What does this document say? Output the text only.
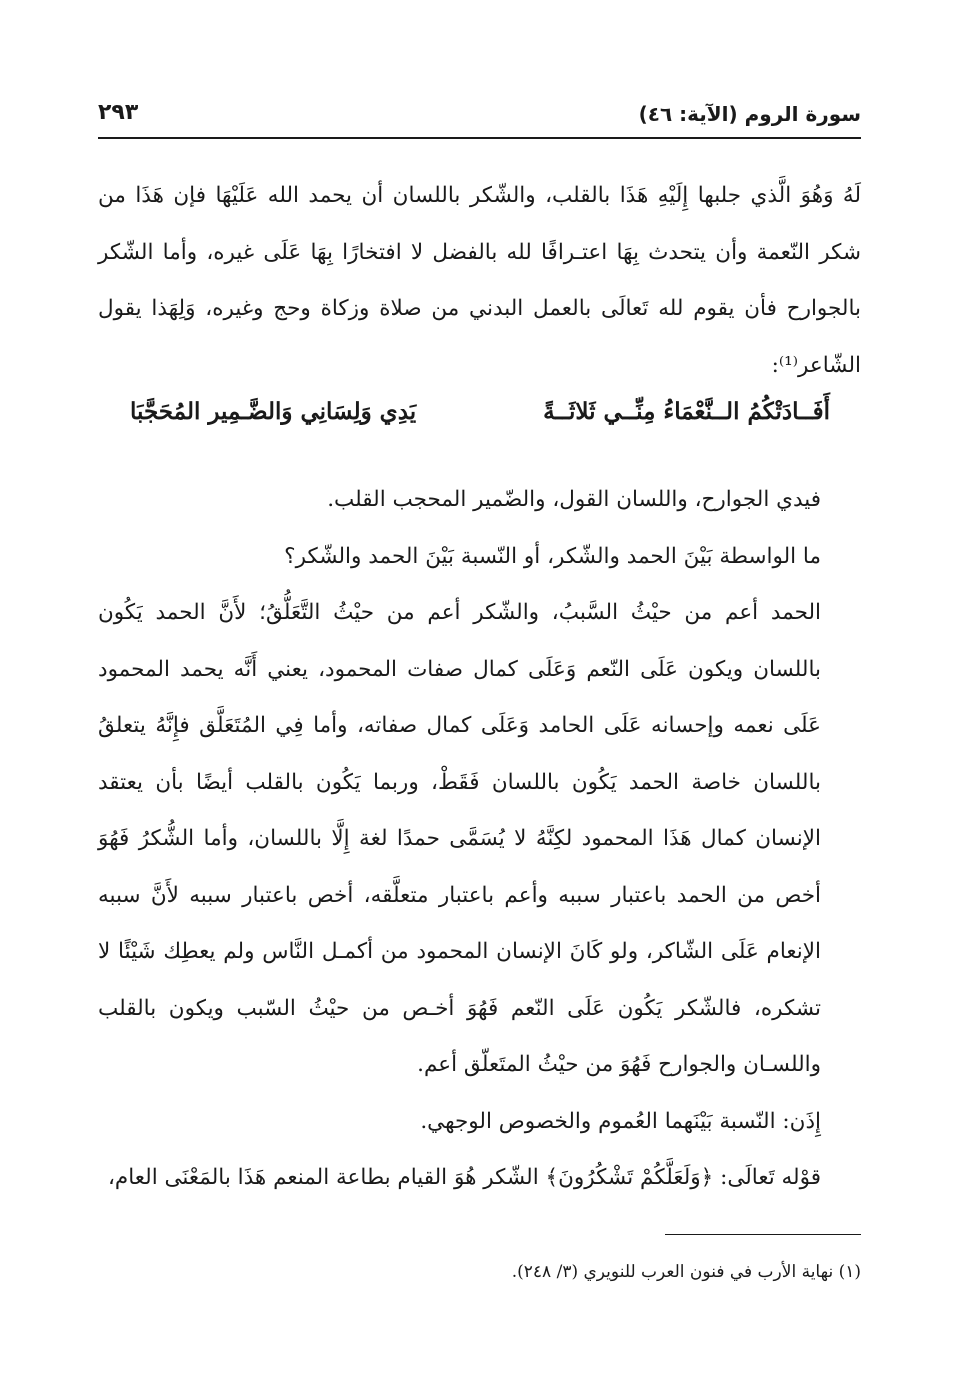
سورة الروم (الآية: ٤٦)
٢٩٣

لَهُ وَهُوَ الَّذي جلبها إِلَيْهِ هَذَا بالقلب، والشّكر باللسان أن يحمد الله عَلَيْهَا فإن هَذَا من شكر النّعمة وأن يتحدث بِهَا اعتـرافًا لله بالفضل لا افتخارًا بِهَا عَلَى غيره، وأما الشّكر بالجوارح فأن يقوم لله تَعالَى بالعمل البدني من صلاة وزكاة وحج وغيره، وَلِهَذا يقول الشّاعر⁽¹⁾:

أَفَــادَتْكُمُ الــنَّعْمَاءُ مِنِّــي ثَلاثَــةً
يَدِي وَلِسَانِي وَالضَّـمِير المُحَجَّبَا

فيدي الجوارح، واللسان القول، والضّمير المحجب القلب.

ما الواسطة بَيْنَ الحمد والشّكر، أو النّسبة بَيْنَ الحمد والشّكر؟

الحمد أعم من حيْثُ السَّببُ، والشّكر أعم من حيْثُ التَّعَلُّقُ؛ لأَنَّ الحمد يَكُون باللسان ويكون عَلَى النّعم وَعَلَى كمال صفات المحمود، يعني أَنَّه يحمد المحمود عَلَى نعمه وإحسانه عَلَى الحامد وَعَلَى كمال صفاته، وأما فِي المُتَعَلَّق فإِنَّهُ يتعلقُ باللسان خاصة الحمد يَكُون باللسان فَقَطْ، وربما يَكُون بالقلب أيضًا بأن يعتقد الإنسان كمال هَذَا المحمود لكِنَّهُ لا يُسَمَّى حمدًا لغة إِلَّا باللسان، وأما الشُّكرُ فَهُوَ أخص من الحمد باعتبار سببه وأعم باعتبار متعلَّقه، أخص باعتبار سببه لأَنَّ سببه الإنعام عَلَى الشّاكر، ولو كَانَ الإنسان المحمود من أكمـل النَّاس ولم يعطِك شَيْئًا لا تشكره، فالشّكر يَكُون عَلَى النّعم فَهُوَ أخـص من حيْثُ السّبب ويكون بالقلب واللسـان والجوارح فَهُوَ من حيْثُ المتَعلّق أعم.

إِذَن: النّسبة بَيْنَهما العُموم والخصوص الوجهي.

قوْله تَعالَى: ﴿وَلَعَلَّكُمْ تَشْكُرُونَ﴾ الشّكر هُوَ القيام بطاعة المنعم هَذَا بالمَعْنَى العام،

(١) نهاية الأرب في فنون العرب للنويري (٣/ ٢٤٨).
